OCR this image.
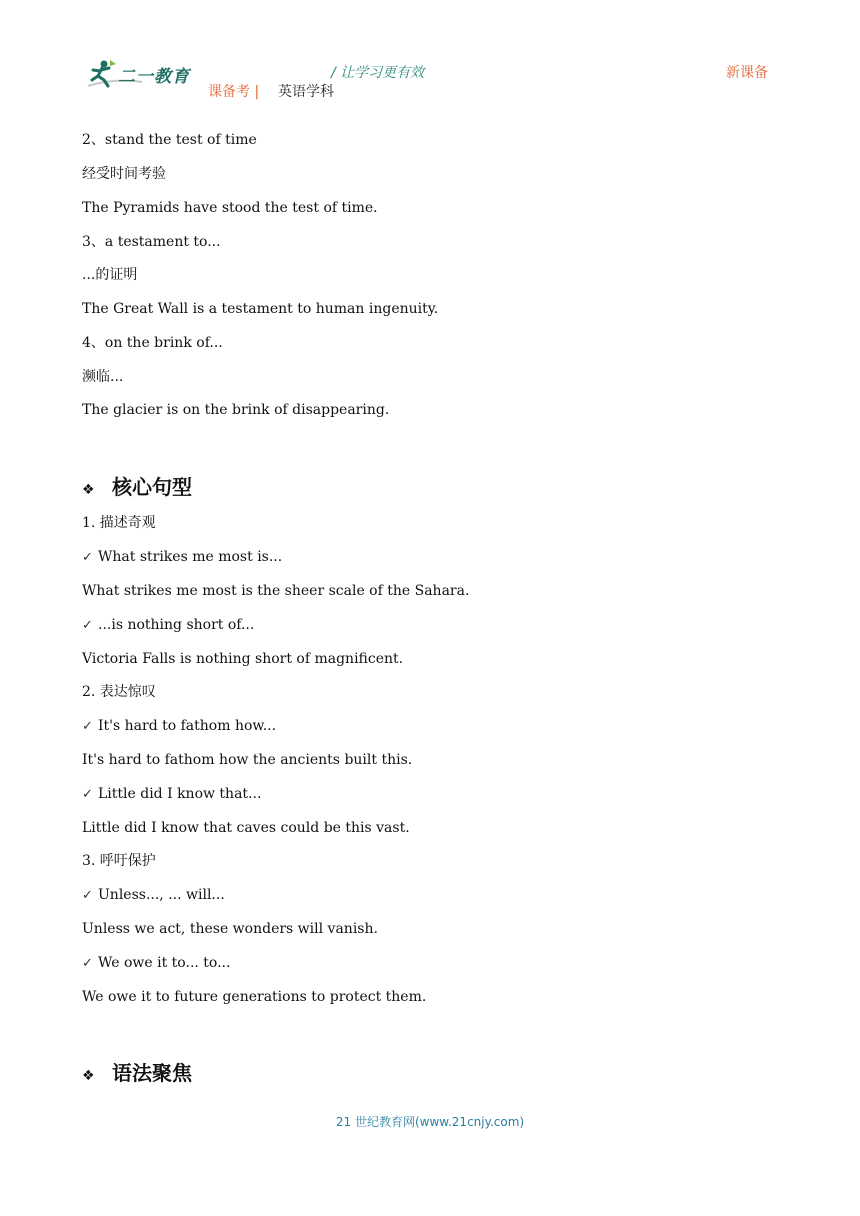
二一教育	/ 让学习更有效
课备考 | 英语学科
新课备
2、stand the test of time
经受时间考验
The Pyramids have stood the test of time.
3、a testament to...
...的证明
The Great Wall is a testament to human ingenuity.
4、on the brink of...
濒临...
The glacier is on the brink of disappearing.
❖ 核心句型
1. 描述奇观
✓ What strikes me most is...
What strikes me most is the sheer scale of the Sahara.
✓ ...is nothing short of...
Victoria Falls is nothing short of magnificent.
2. 表达惊叹
✓ It's hard to fathom how...
It's hard to fathom how the ancients built this.
✓ Little did I know that...
Little did I know that caves could be this vast.
3. 呼吁保护
✓ Unless..., ... will...
Unless we act, these wonders will vanish.
✓ We owe it to... to...
We owe it to future generations to protect them.
❖ 语法聚焦
21 世纪教育网(www.21cnjy.com)
